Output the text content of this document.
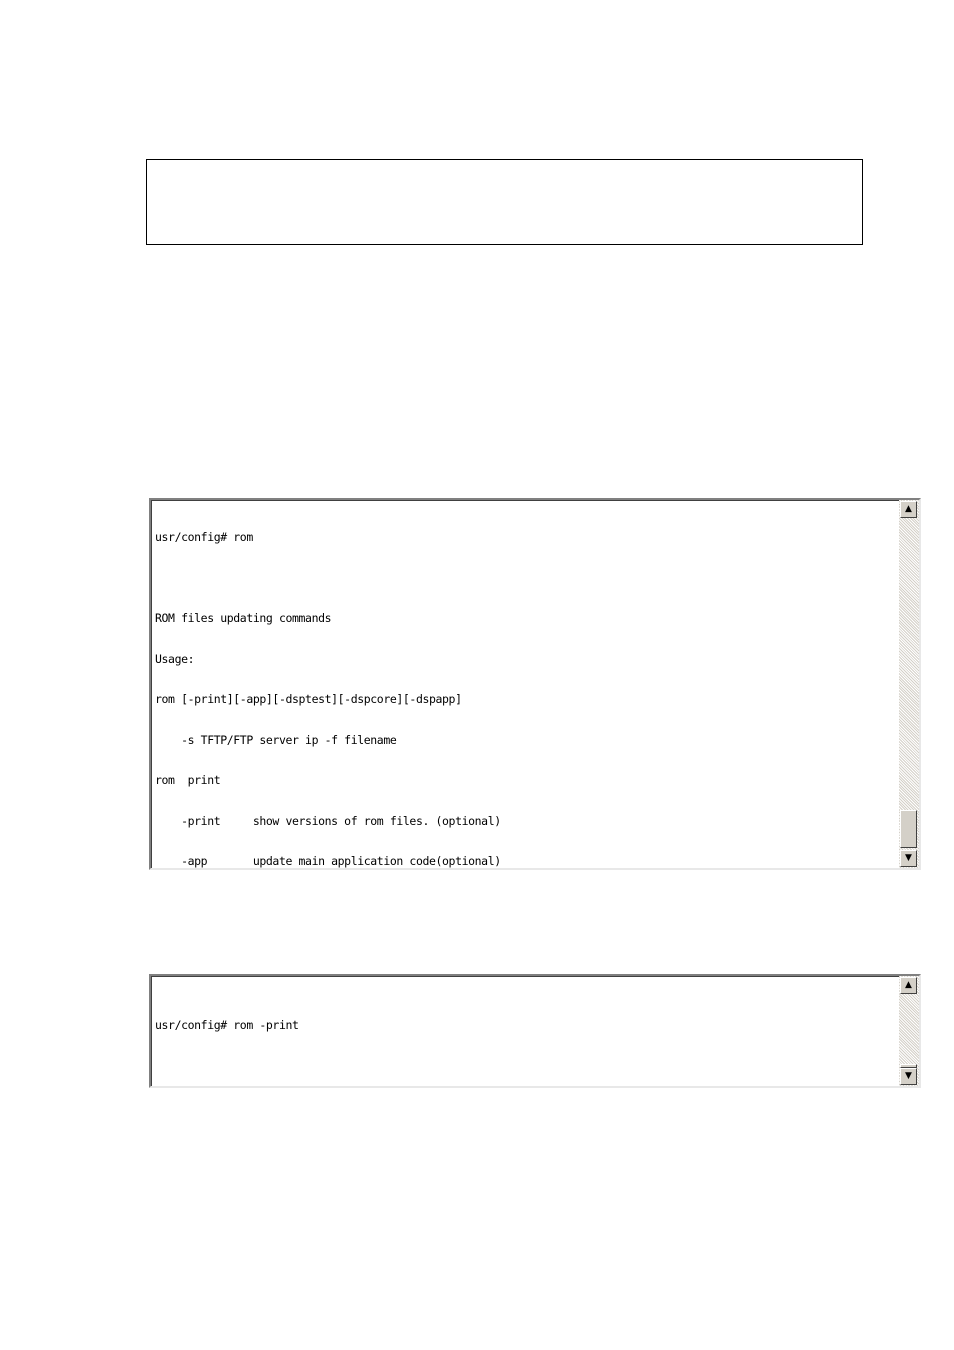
usr/config# rom

ROM files updating commands

Usage:

rom [-print][-app][-dsptest][-dspcore][-dspapp]

-s TFTP/FTP server ip -f filename

rom  print

-print     show versions of rom files. (optional)

-app       update main application code(optional)

▲
▼

usr/config# rom -print

▲
▼
